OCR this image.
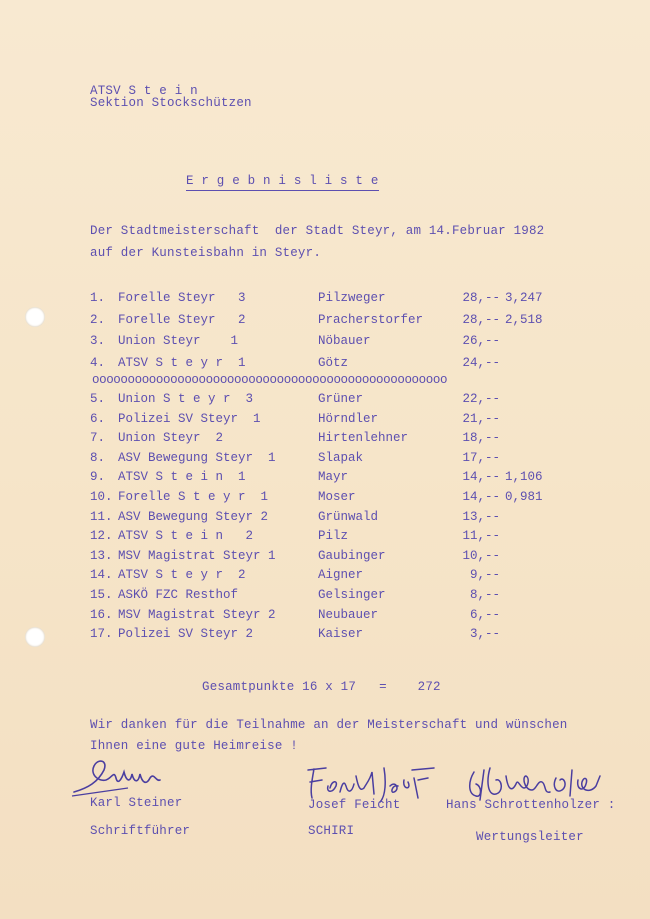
ATSV S t e i n
Sektion Stockschützen
E r g e b n i s l i s t e
Der Stadtmeisterschaft  der Stadt Steyr, am 14.Februar 1982
auf der Kunsteisbahn in Steyr.
1.	Forelle Steyr   3	Pilzweger	28,-- 3,247
2.	Forelle Steyr   2	Pracherstorfer	28,-- 2,518
3.	Union Steyr    1	Nöbauer	26,--
4.	ATSV S t e y r  1	Götz	24,--
oooooooooooooooooooooooooooooooooooooooooooooooooo
5.	Union S t e y r  3	Grüner	22,--
6.	Polizei SV Steyr  1	Hörndler	21,--
7.	Union Steyr  2	Hirtenlehner	18,--
8.	ASV Bewegung Steyr  1	Slapak	17,--
9.	ATSV S t e i n  1	Mayr	14,-- 1,106
10. Forelle S t e y r  1	Moser	14,-- 0,981
11. ASV Bewegung Steyr 2	Grünwald	13,--
12. ATSV S t e i n   2	Pilz	11,--
13. MSV Magistrat Steyr 1	Gaubinger	10,--
14. ATSV S t e y r  2	Aigner	9,--
15. ASKÖ FZC Resthof	Gelsinger	8,--
16. MSV Magistrat Steyr 2	Neubauer	6,--
17. Polizei SV Steyr 2	Kaiser	3,--
Gesamtpunkte 16 x 17   =    272
Wir danken für die Teilnahme an der Meisterschaft und wünschen
Ihnen eine gute Heimreise !
Karl Steiner
Schriftführer
Josef Feicht
SCHIRI
Hans Schrottenholzer :
Wertungsleiter
